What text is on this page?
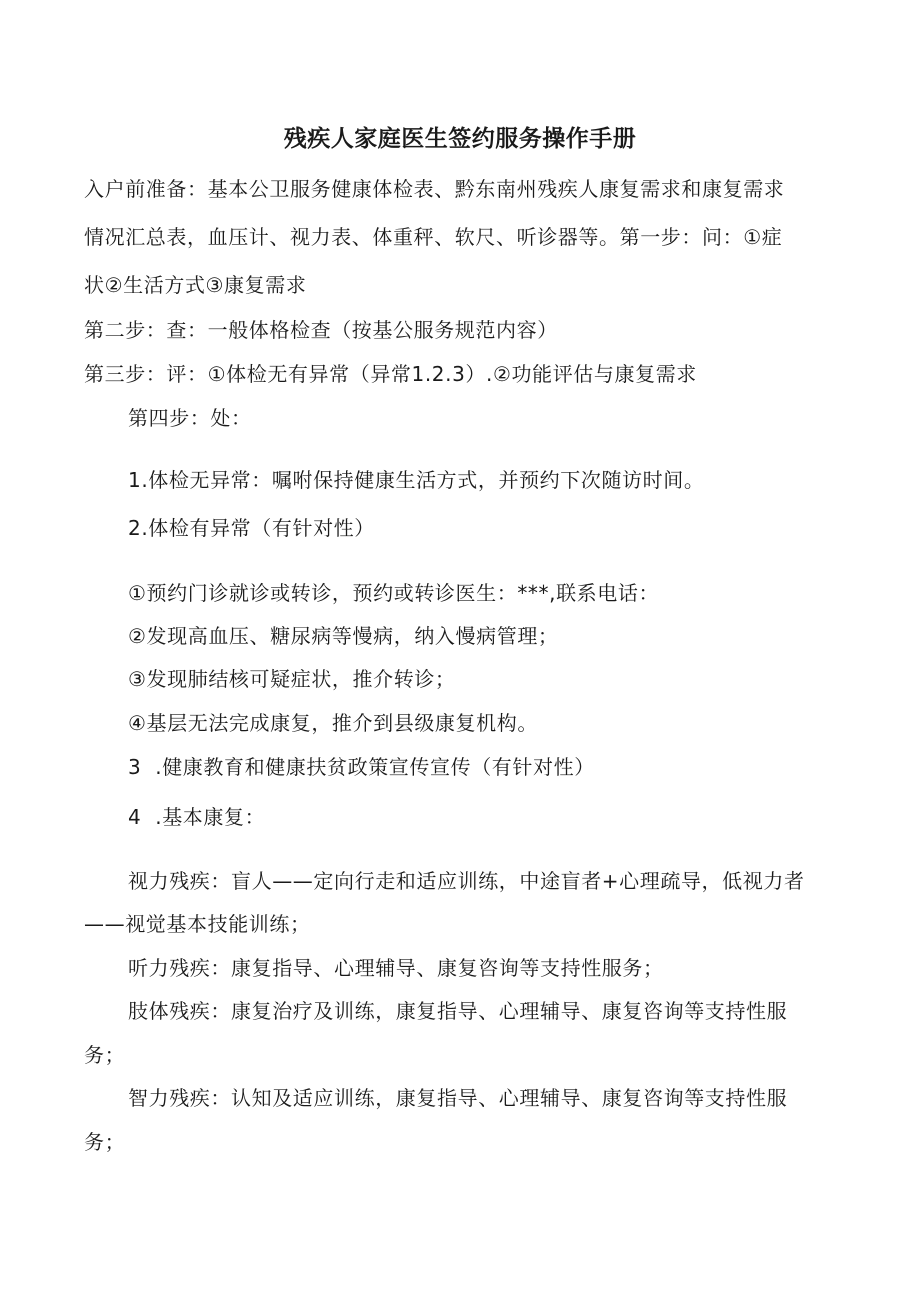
残疾人家庭医生签约服务操作手册
入户前准备：基本公卫服务健康体检表、黔东南州残疾人康复需求和康复需求
情况汇总表，血压计、视力表、体重秤、软尺、听诊器等。第一步：问：①症
状②生活方式③康复需求
第二步：查：一般体格检查（按基公服务规范内容）
第三步：评：①体检无有异常（异常1.2.3）.②功能评估与康复需求
第四步：处：
1.体检无异常：嘱咐保持健康生活方式，并预约下次随访时间。
2.体检有异常（有针对性）
①预约门诊就诊或转诊，预约或转诊医生：***,联系电话：
②发现高血压、糖尿病等慢病，纳入慢病管理；
③发现肺结核可疑症状，推介转诊；
④基层无法完成康复，推介到县级康复机构。
3  .健康教育和健康扶贫政策宣传宣传（有针对性）
4  .基本康复：
视力残疾：盲人——定向行走和适应训练，中途盲者+心理疏导，低视力者
——视觉基本技能训练；
听力残疾：康复指导、心理辅导、康复咨询等支持性服务；
肢体残疾：康复治疗及训练，康复指导、心理辅导、康复咨询等支持性服
务；
智力残疾：认知及适应训练，康复指导、心理辅导、康复咨询等支持性服
务；
